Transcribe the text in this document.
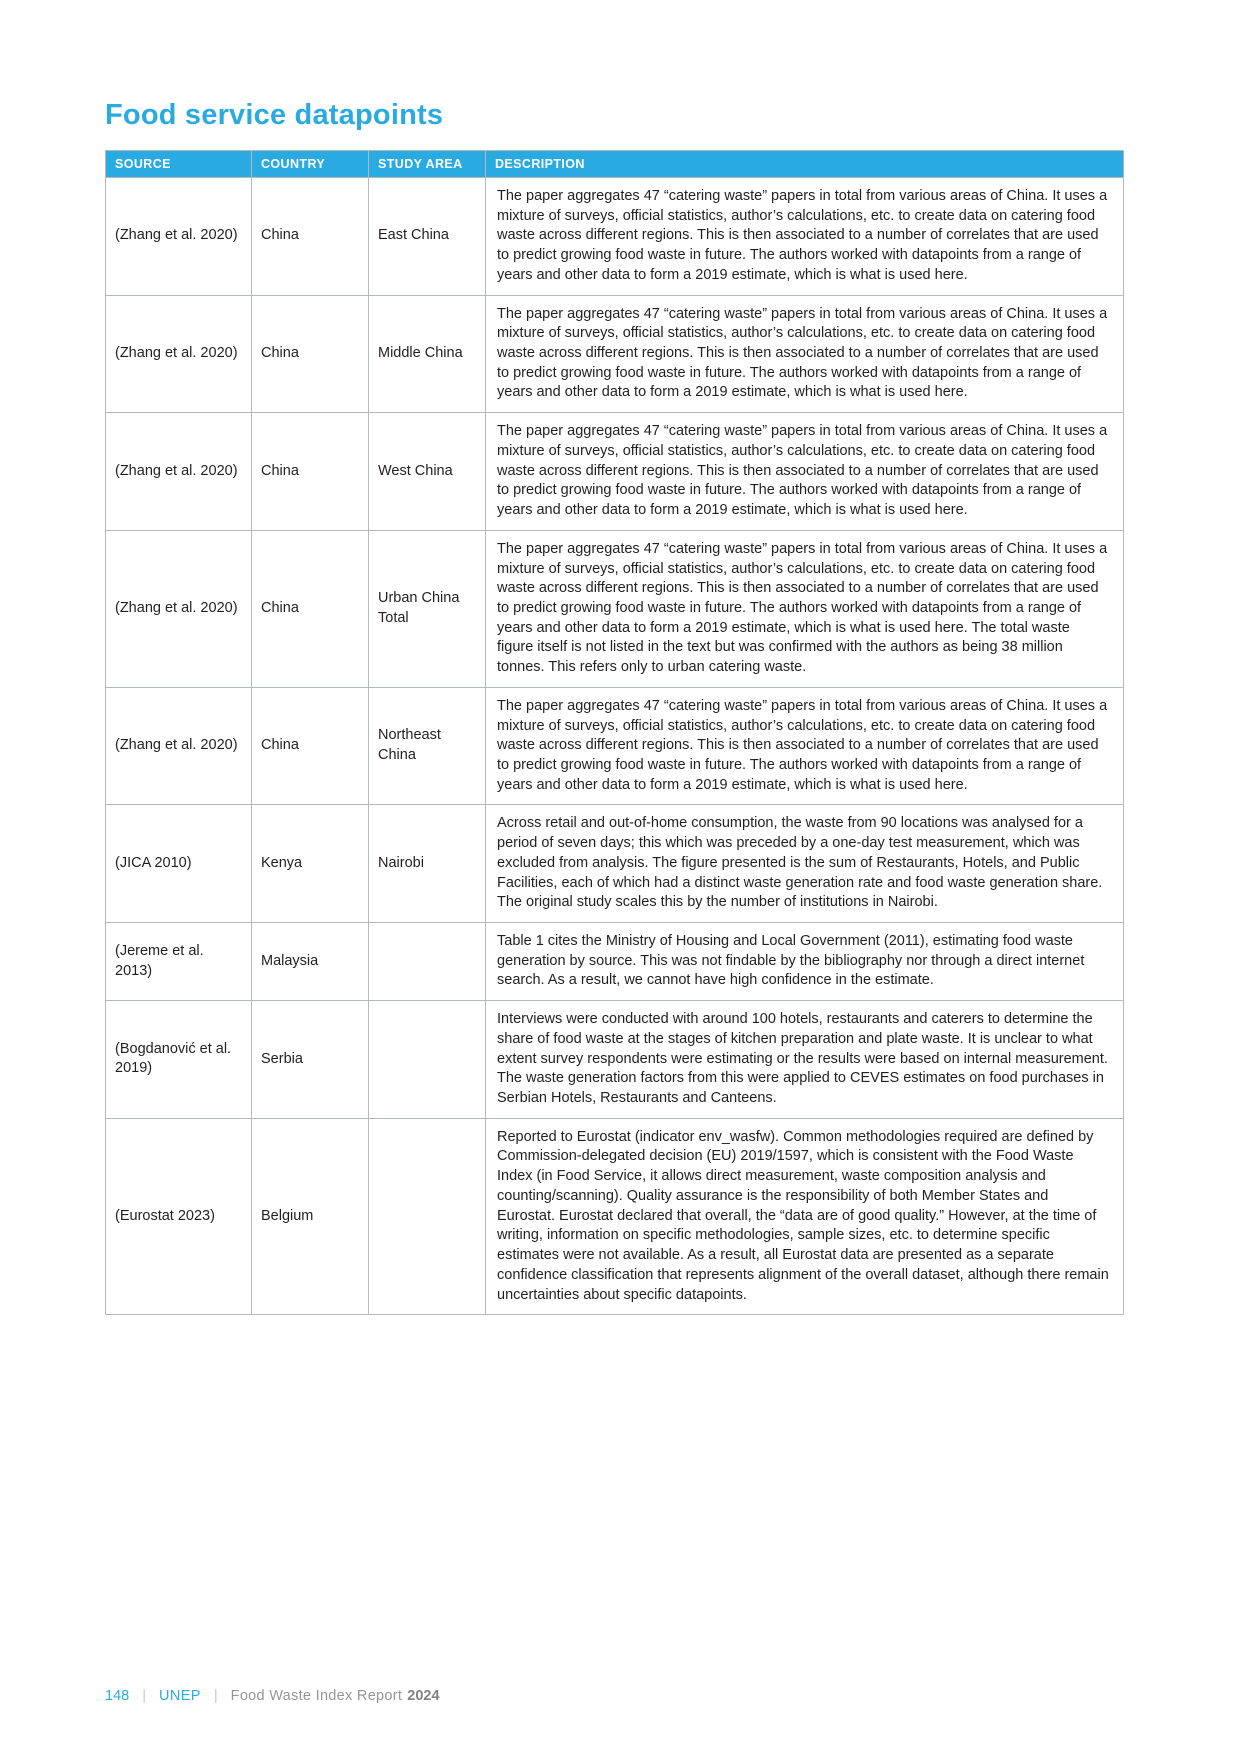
Food service datapoints
SOURCE	COUNTRY	STUDY AREA	DESCRIPTION
(Zhang et al. 2020)	China	East China	The paper aggregates 47 “catering waste” papers in total from various areas of China. It uses a mixture of surveys, official statistics, author’s calculations, etc. to create data on catering food waste across different regions. This is then associated to a number of correlates that are used to predict growing food waste in future. The authors worked with datapoints from a range of years and other data to form a 2019 estimate, which is what is used here.
(Zhang et al. 2020)	China	Middle China	The paper aggregates 47 “catering waste” papers in total from various areas of China. It uses a mixture of surveys, official statistics, author’s calculations, etc. to create data on catering food waste across different regions. This is then associated to a number of correlates that are used to predict growing food waste in future. The authors worked with datapoints from a range of years and other data to form a 2019 estimate, which is what is used here.
(Zhang et al. 2020)	China	West China	The paper aggregates 47 “catering waste” papers in total from various areas of China. It uses a mixture of surveys, official statistics, author’s calculations, etc. to create data on catering food waste across different regions. This is then associated to a number of correlates that are used to predict growing food waste in future. The authors worked with datapoints from a range of years and other data to form a 2019 estimate, which is what is used here.
(Zhang et al. 2020)	China	Urban China Total	The paper aggregates 47 “catering waste” papers in total from various areas of China. It uses a mixture of surveys, official statistics, author’s calculations, etc. to create data on catering food waste across different regions. This is then associated to a number of correlates that are used to predict growing food waste in future. The authors worked with datapoints from a range of years and other data to form a 2019 estimate, which is what is used here. The total waste figure itself is not listed in the text but was confirmed with the authors as being 38 million tonnes. This refers only to urban catering waste.
(Zhang et al. 2020)	China	Northeast China	The paper aggregates 47 “catering waste” papers in total from various areas of China. It uses a mixture of surveys, official statistics, author’s calculations, etc. to create data on catering food waste across different regions. This is then associated to a number of correlates that are used to predict growing food waste in future. The authors worked with datapoints from a range of years and other data to form a 2019 estimate, which is what is used here.
(JICA 2010)	Kenya	Nairobi	Across retail and out-of-home consumption, the waste from 90 locations was analysed for a period of seven days; this which was preceded by a one-day test measurement, which was excluded from analysis. The figure presented is the sum of Restaurants, Hotels, and Public Facilities, each of which had a distinct waste generation rate and food waste generation share. The original study scales this by the number of institutions in Nairobi.
(Jereme et al. 2013)	Malaysia		Table 1 cites the Ministry of Housing and Local Government (2011), estimating food waste generation by source. This was not findable by the bibliography nor through a direct internet search. As a result, we cannot have high confidence in the estimate.
(Bogdanović et al. 2019)	Serbia		Interviews were conducted with around 100 hotels, restaurants and caterers to determine the share of food waste at the stages of kitchen preparation and plate waste. It is unclear to what extent survey respondents were estimating or the results were based on internal measurement. The waste generation factors from this were applied to CEVES estimates on food purchases in Serbian Hotels, Restaurants and Canteens.
(Eurostat 2023)	Belgium		Reported to Eurostat (indicator env_wasfw). Common methodologies required are defined by Commission-delegated decision (EU) 2019/1597, which is consistent with the Food Waste Index (in Food Service, it allows direct measurement, waste composition analysis and counting/scanning). Quality assurance is the responsibility of both Member States and Eurostat. Eurostat declared that overall, the “data are of good quality.” However, at the time of writing, information on specific methodologies, sample sizes, etc. to determine specific estimates were not available. As a result, all Eurostat data are presented as a separate confidence classification that represents alignment of the overall dataset, although there remain uncertainties about specific datapoints.
148 | UNEP | Food Waste Index Report 2024
